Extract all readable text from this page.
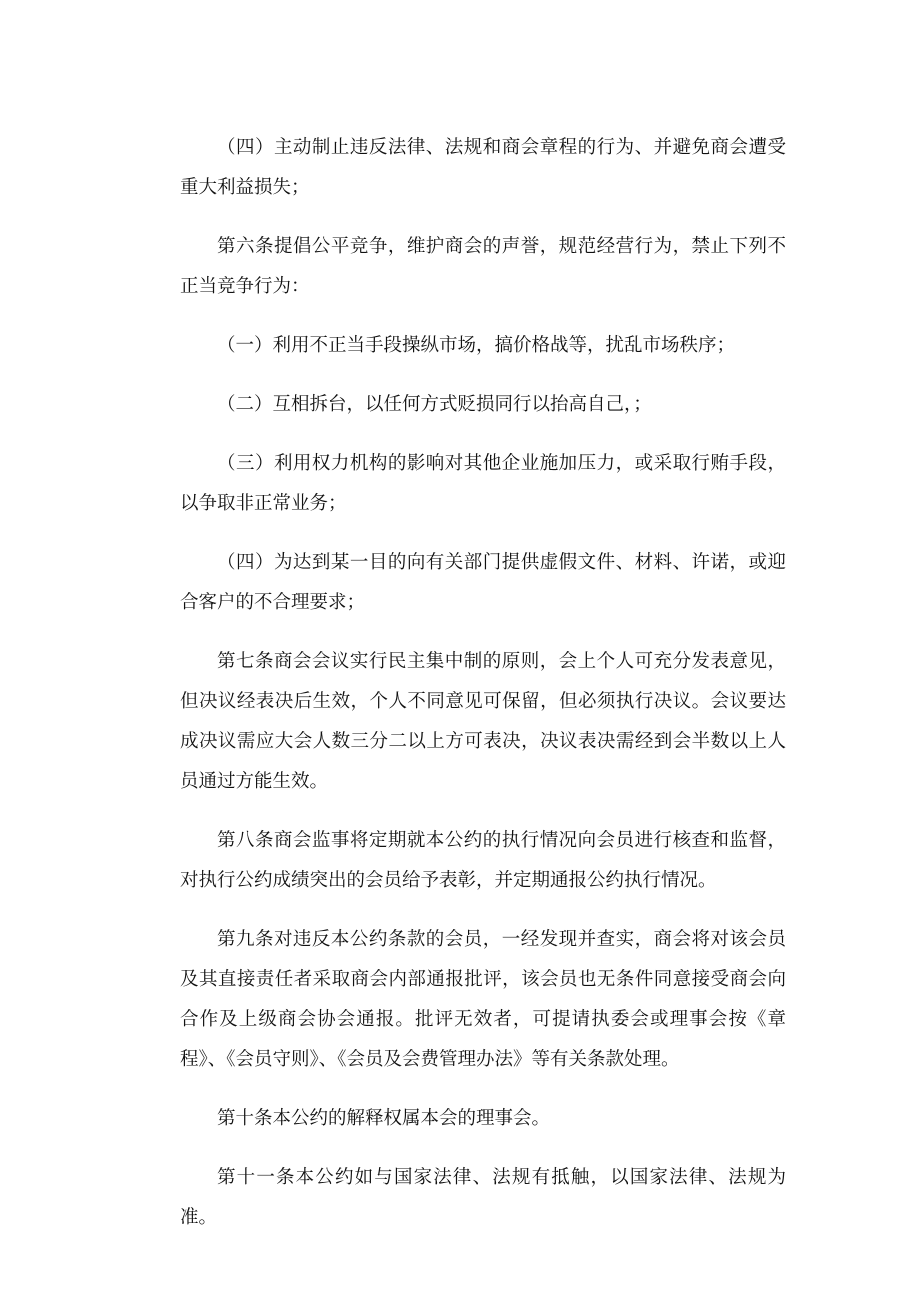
（四）主动制止违反法律、法规和商会章程的行为、并避免商会遭受重大利益损失；

第六条提倡公平竞争，维护商会的声誉，规范经营行为，禁止下列不正当竞争行为：

（一）利用不正当手段操纵市场，搞价格战等，扰乱市场秩序；

（二）互相拆台，以任何方式贬损同行以抬高自己，；

（三）利用权力机构的影响对其他企业施加压力，或采取行贿手段，以争取非正常业务；

（四）为达到某一目的向有关部门提供虚假文件、材料、许诺，或迎合客户的不合理要求；

第七条商会会议实行民主集中制的原则，会上个人可充分发表意见，但决议经表决后生效，个人不同意见可保留，但必须执行决议。会议要达成决议需应大会人数三分二以上方可表决，决议表决需经到会半数以上人员通过方能生效。

第八条商会监事将定期就本公约的执行情况向会员进行核查和监督，对执行公约成绩突出的会员给予表彰，并定期通报公约执行情况。

第九条对违反本公约条款的会员，一经发现并查实，商会将对该会员及其直接责任者采取商会内部通报批评，该会员也无条件同意接受商会向合作及上级商会协会通报。批评无效者，可提请执委会或理事会按《章程》、《会员守则》、《会员及会费管理办法》等有关条款处理。

第十条本公约的解释权属本会的理事会。

第十一条本公约如与国家法律、法规有抵触，以国家法律、法规为准。
